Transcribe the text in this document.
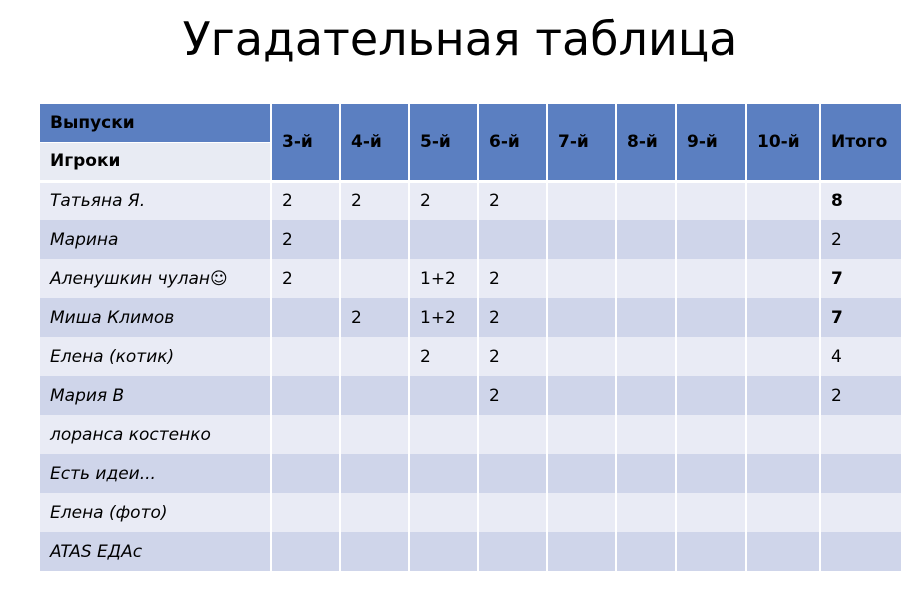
Угадательная таблица
Выпуски	3-й	4-й	5-й	6-й	7-й	8-й	9-й	10-й	Итого
Игроки									
Татьяна Я.	2	2	2	2					8
Марина	2								2
Аленушкин чулан☺	2		1+2	2					7
Миша Климов		2	1+2	2					7
Елена (котик)			2	2					4
Мария В				2					2
лоранса костенко									
Есть идеи...									
Елена (фото)									
ATAS ЕДАс									
